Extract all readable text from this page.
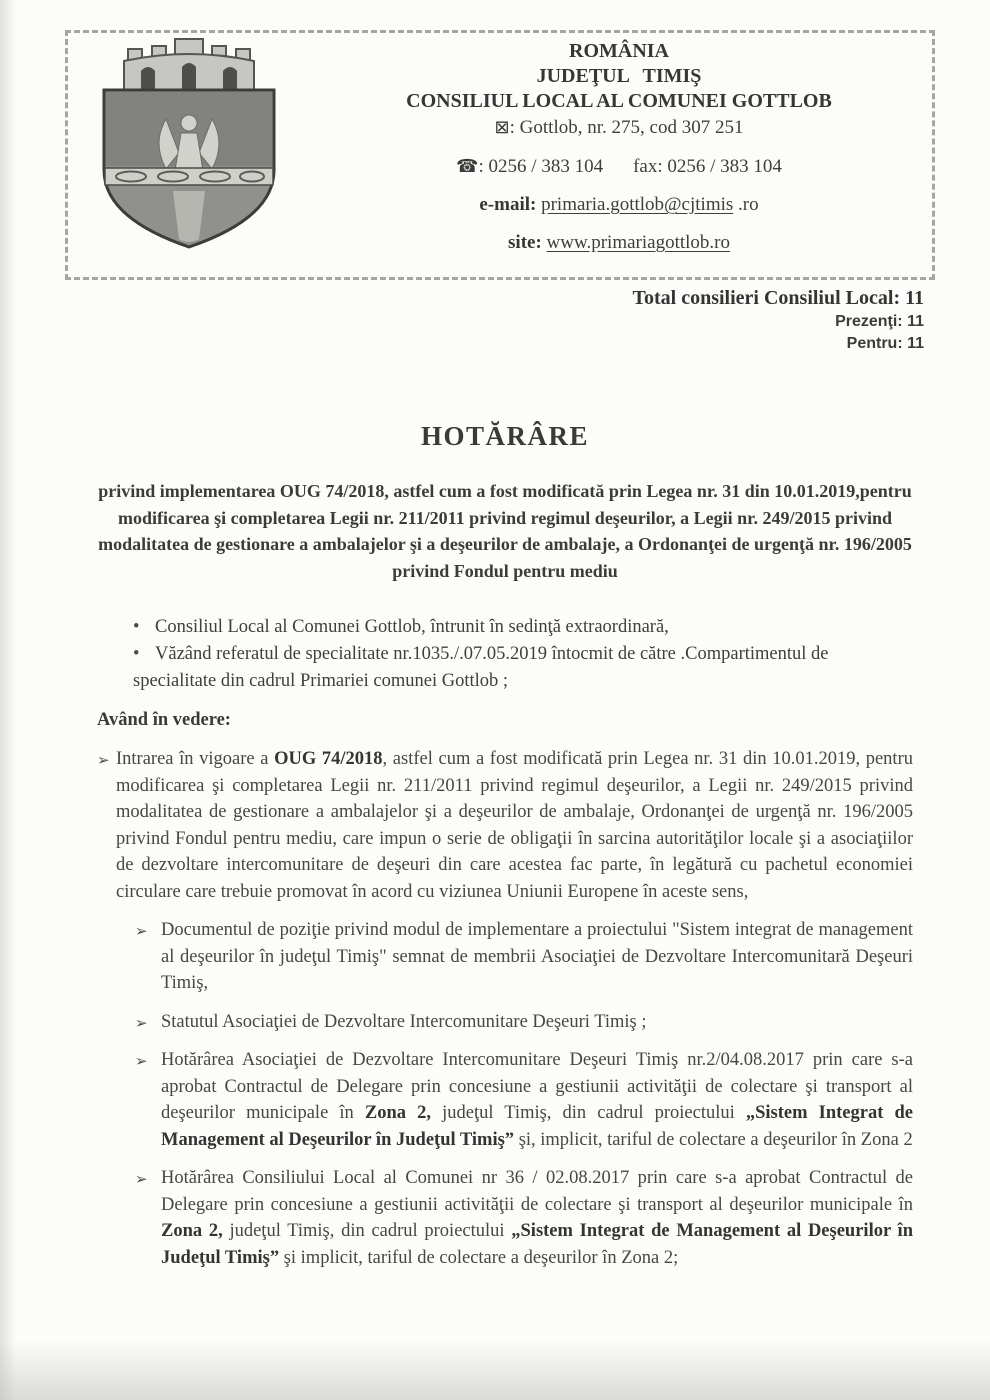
ROMÂNIA
JUDEŢUL TIMIŞ
CONSILIUL LOCAL AL COMUNEI GOTTLOB
⊠: Gottlob, nr. 275, cod 307 251
☎: 0256 / 383 104 fax: 0256 / 383 104
e-mail: primaria.gottlob@cjtimis .ro
site: www.primariagottlob.ro
Total consilieri Consiliul Local: 11
Prezenţi: 11
Pentru: 11
HOTĂRÂRE
privind implementarea OUG 74/2018, astfel cum a fost modificată prin Legea nr. 31 din 10.01.2019,pentru modificarea şi completarea Legii nr. 211/2011 privind regimul deşeurilor, a Legii nr. 249/2015 privind modalitatea de gestionare a ambalajelor şi a deşeurilor de ambalaje, a Ordonanţei de urgenţă nr. 196/2005 privind Fondul pentru mediu
• Consiliul Local al Comunei Gottlob, întrunit în sedinţă extraordinară,
• Văzând referatul de specialitate nr.1035./.07.05.2019 întocmit de către .Compartimentul de specialitate din cadrul Primariei comunei Gottlob ;
Având în vedere:
➢ Intrarea în vigoare a OUG 74/2018, astfel cum a fost modificată prin Legea nr. 31 din 10.01.2019, pentru modificarea şi completarea Legii nr. 211/2011 privind regimul deşeurilor, a Legii nr. 249/2015 privind modalitatea de gestionare a ambalajelor şi a deşeurilor de ambalaje, Ordonanţei de urgenţă nr. 196/2005 privind Fondul pentru mediu, care impun o serie de obligaţii în sarcina autorităţilor locale şi a asociaţiilor de dezvoltare intercomunitare de deşeuri din care acestea fac parte, în legătură cu pachetul economiei circulare care trebuie promovat în acord cu viziunea Uniunii Europene în aceste sens,
➢ Documentul de poziţie privind modul de implementare a proiectului "Sistem integrat de management al deşeurilor în judeţul Timiş" semnat de membrii Asociaţiei de Dezvoltare Intercomunitară Deşeuri Timiş,
➢ Statutul Asociaţiei de Dezvoltare Intercomunitare Deşeuri Timiş ;
➢ Hotărârea Asociaţiei de Dezvoltare Intercomunitare Deşeuri Timiş nr.2/04.08.2017 prin care s-a aprobat Contractul de Delegare prin concesiune a gestiunii activităţii de colectare şi transport al deşeurilor municipale în Zona 2, judeţul Timiş, din cadrul proiectului „Sistem Integrat de Management al Deşeurilor în Judeţul Timiş” şi, implicit, tariful de colectare a deşeurilor în Zona 2
➢ Hotărârea Consiliului Local al Comunei nr 36 / 02.08.2017 prin care s-a aprobat Contractul de Delegare prin concesiune a gestiunii activităţii de colectare şi transport al deşeurilor municipale în Zona 2, judeţul Timiş, din cadrul proiectului „Sistem Integrat de Management al Deşeurilor în Judeţul Timiş” şi implicit, tariful de colectare a deşeurilor în Zona 2;
